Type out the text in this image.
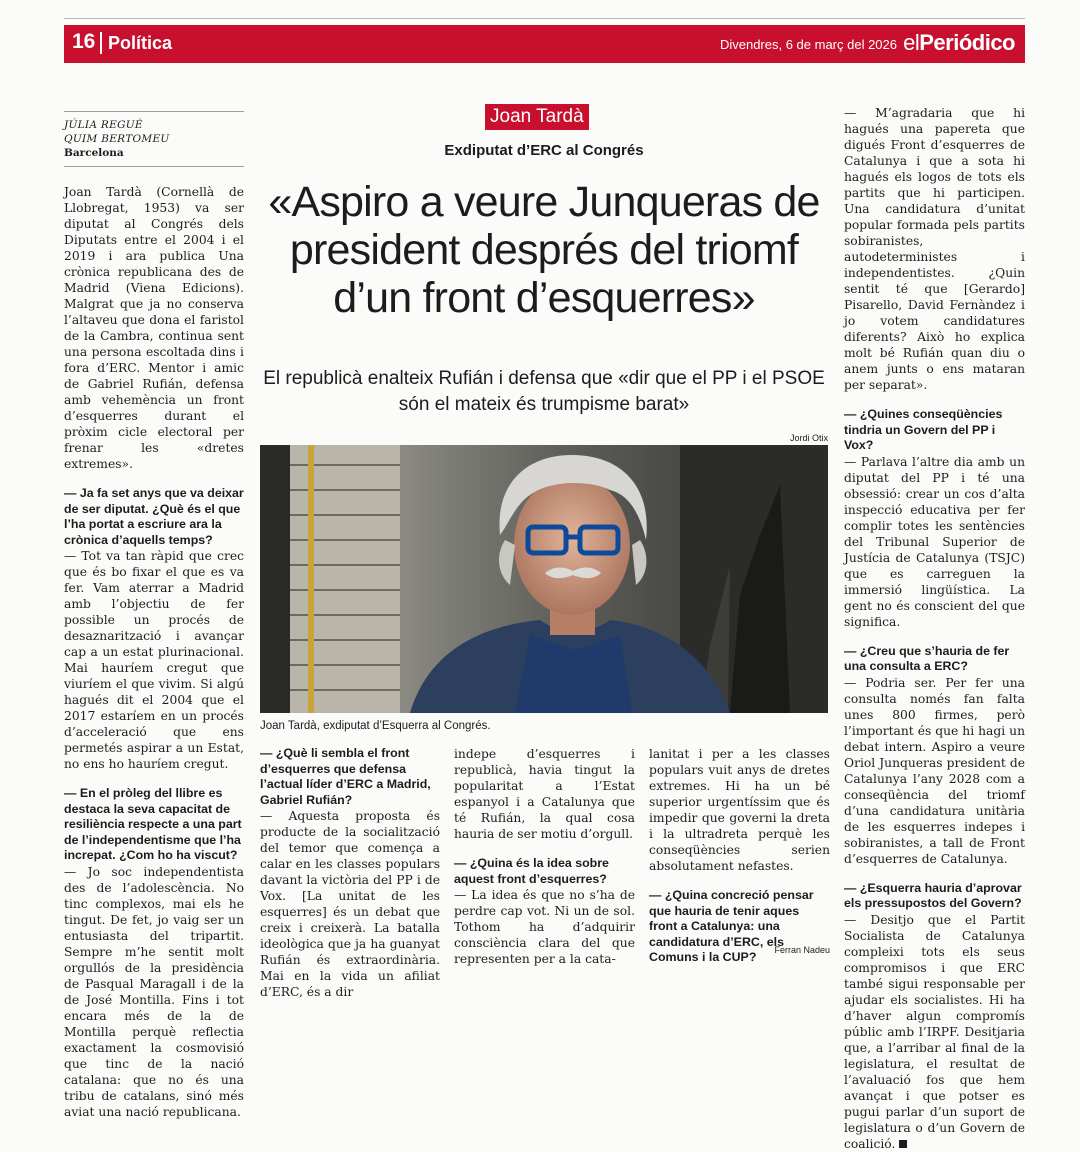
16 Política	Divendres, 6 de març del 2026 elPeriódico
JÚLIA REGUÉ
QUIM BERTOMEU
Barcelona

Joan Tardà (Cornellà de Llobregat, 1953) va ser diputat al Congrés dels Diputats entre el 2004 i el 2019 i ara publica Una crònica republicana des de Madrid (Viena Edicions). Malgrat que ja no conserva l’altaveu que dona el faristol de la Cambra, continua sent una persona escoltada dins i fora d’ERC. Mentor i amic de Gabriel Rufián, defensa amb vehemència un front d’esquerres durant el pròxim cicle electoral per frenar les «dretes extremes».

— Ja fa set anys que va deixar de ser diputat. ¿Què és el que l’ha portat a escriure ara la crònica d’aquells temps?

— Tot va tan ràpid que crec que és bo fixar el que es va fer. Vam aterrar a Madrid amb l’objectiu de fer possible un procés de desaznarització i avançar cap a un estat plurinacional. Mai hauríem cregut que viuríem el que vivim. Si algú hagués dit el 2004 que el 2017 estaríem en un procés d’acceleració que ens permetés aspirar a un Estat, no ens ho hauríem cregut.

— En el pròleg del llibre es destaca la seva capacitat de resiliència respecte a una part de l’independentisme que l’ha increpat. ¿Com ho ha viscut?

— Jo soc independentista des de l’adolescència. No tinc complexos, mai els he tingut. De fet, jo vaig ser un entusiasta del tripartit. Sempre m’he sentit molt orgullós de la presidència de Pasqual Maragall i de la de José Montilla. Fins i tot encara més de la de Montilla perquè reflectia exactament la cosmovisió que tinc de la nació catalana: que no és una tribu de catalans, sinó més aviat una nació republicana.

Joan Tardà
Exdiputat d’ERC al Congrés
«Aspiro a veure Junqueras de president després del triomf d’un front d’esquerres»
El republicà enalteix Rufián i defensa que «dir que el PP i el PSOE són el mateix és trumpisme barat»
Jordi Otix
Joan Tardà, exdiputat d’Esquerra al Congrés.

— ¿Què li sembla el front d’esquerres que defensa l’actual líder d’ERC a Madrid, Gabriel Rufián?

— Aquesta proposta és producte de la socialització del temor que comença a calar en les classes populars davant la victòria del PP i de Vox. [La unitat de les esquerres] és un debat que creix i creixerà. La batalla ideològica que ja ha guanyat Rufián és extraordinària. Mai en la vida un afiliat d’ERC, és a dir

indepe d’esquerres i republicà, havia tingut la popularitat a l’Estat espanyol i a Catalunya que té Rufián, la qual cosa hauria de ser motiu d’orgull.

— ¿Quina és la idea sobre aquest front d’esquerres?

— La idea és que no s’ha de perdre cap vot. Ni un de sol. Tothom ha d’adquirir consciència clara del que representen per a la cata-

lanitat i per a les classes populars vuit anys de dretes extremes. Hi ha un bé superior urgentíssim que és impedir que governi la dreta i la ultradreta perquè les conseqüències serien absolutament nefastes.

— ¿Quina concreció pensar que hauria de tenir aques front a Catalunya: una candidatura d’ERC, els Comuns i la CUP?	Ferran Nadeu

— M’agradaria que hi hagués una papereta que digués Front d’esquerres de Catalunya i que a sota hi hagués els logos de tots els partits que hi participen. Una candidatura d’unitat popular formada pels partits sobiranistes, autodeterministes i independentistes. ¿Quin sentit té que [Gerardo] Pisarello, David Fernàndez i jo votem candidatures diferents? Això ho explica molt bé Rufián quan diu o anem junts o ens mataran per separat».

— ¿Quines conseqüències tindria un Govern del PP i Vox?

— Parlava l’altre dia amb un diputat del PP i té una obsessió: crear un cos d’alta inspecció educativa per fer complir totes les sentències del Tribunal Superior de Justícia de Catalunya (TSJC) que es carreguen la immersió lingüística. La gent no és conscient del que significa.

— ¿Creu que s’hauria de fer una consulta a ERC?

— Podria ser. Per fer una consulta només fan falta unes 800 firmes, però l’important és que hi hagi un debat intern. Aspiro a veure Oriol Junqueras president de Catalunya l’any 2028 com a conseqüència del triomf d’una candidatura unitària de les esquerres indepes i sobiranistes, a tall de Front d’esquerres de Catalunya.

— ¿Esquerra hauria d’aprovar els pressupostos del Govern?

— Desitjo que el Partit Socialista de Catalunya compleixi tots els seus compromisos i que ERC també sigui responsable per ajudar els socialistes. Hi ha d’haver algun compromís públic amb l’IRPF. Desitjaria que, a l’arribar al final de la legislatura, el resultat de l’avaluació fos que hem avançat i que potser es pugui parlar d’un suport de legislatura o d’un Govern de coalició.
